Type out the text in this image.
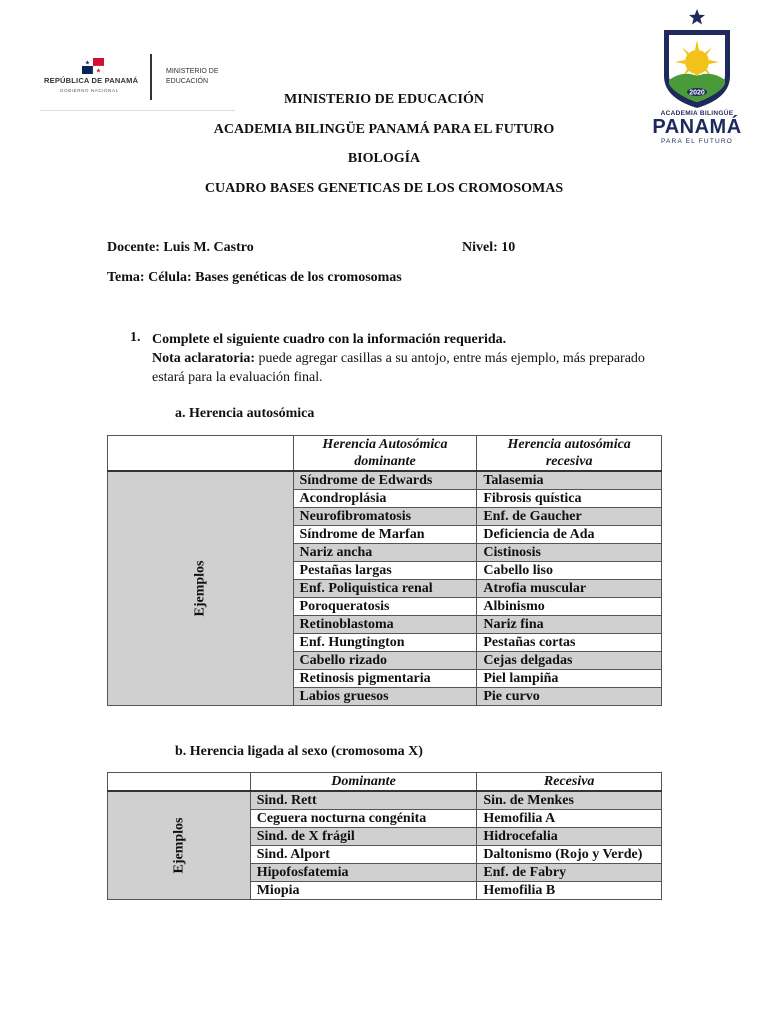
★
★
REPÚBLICA DE PANAMÁ
GOBIERNO NACIONAL
MINISTERIO DE
EDUCACIÓN
2020
ACADEMIA BILINGÜE
PANAMÁ
PARA EL FUTURO
MINISTERIO DE EDUCACIÓN
ACADEMIA BILINGÜE PANAMÁ PARA EL FUTURO
BIOLOGÍA
CUADRO BASES GENETICAS DE LOS CROMOSOMAS
Docente: Luis M. Castro	Nivel: 10
Tema: Célula: Bases genéticas de los cromosomas
1. Complete el siguiente cuadro con la información requerida.
Nota aclaratoria: puede agregar casillas a su antojo, entre más ejemplo, más preparado estará para la evaluación final.
a. Herencia autosómica
	Herencia Autosómica dominante	Herencia autosómica recesiva
Ejemplos	Síndrome de Edwards	Talasemia
	Acondroplásia	Fibrosis quística
	Neurofibromatosis	Enf. de Gaucher
	Síndrome de Marfan	Deficiencia de Ada
	Nariz ancha	Cistinosis
	Pestañas largas	Cabello liso
	Enf. Poliquistica renal	Atrofia muscular
	Poroqueratosis	Albinismo
	Retinoblastoma	Nariz fina
	Enf. Hungtington	Pestañas cortas
	Cabello rizado	Cejas delgadas
	Retinosis pigmentaria	Piel lampiña
	Labios gruesos	Pie curvo
b. Herencia ligada al sexo (cromosoma X)
	Dominante	Recesiva
Ejemplos	Sind. Rett	Sin. de Menkes
	Ceguera nocturna congénita	Hemofilia A
	Sind. de X frágil	Hidrocefalia
	Sind. Alport	Daltonismo (Rojo y Verde)
	Hipofosfatemia	Enf. de Fabry
	Miopia	Hemofilia B
